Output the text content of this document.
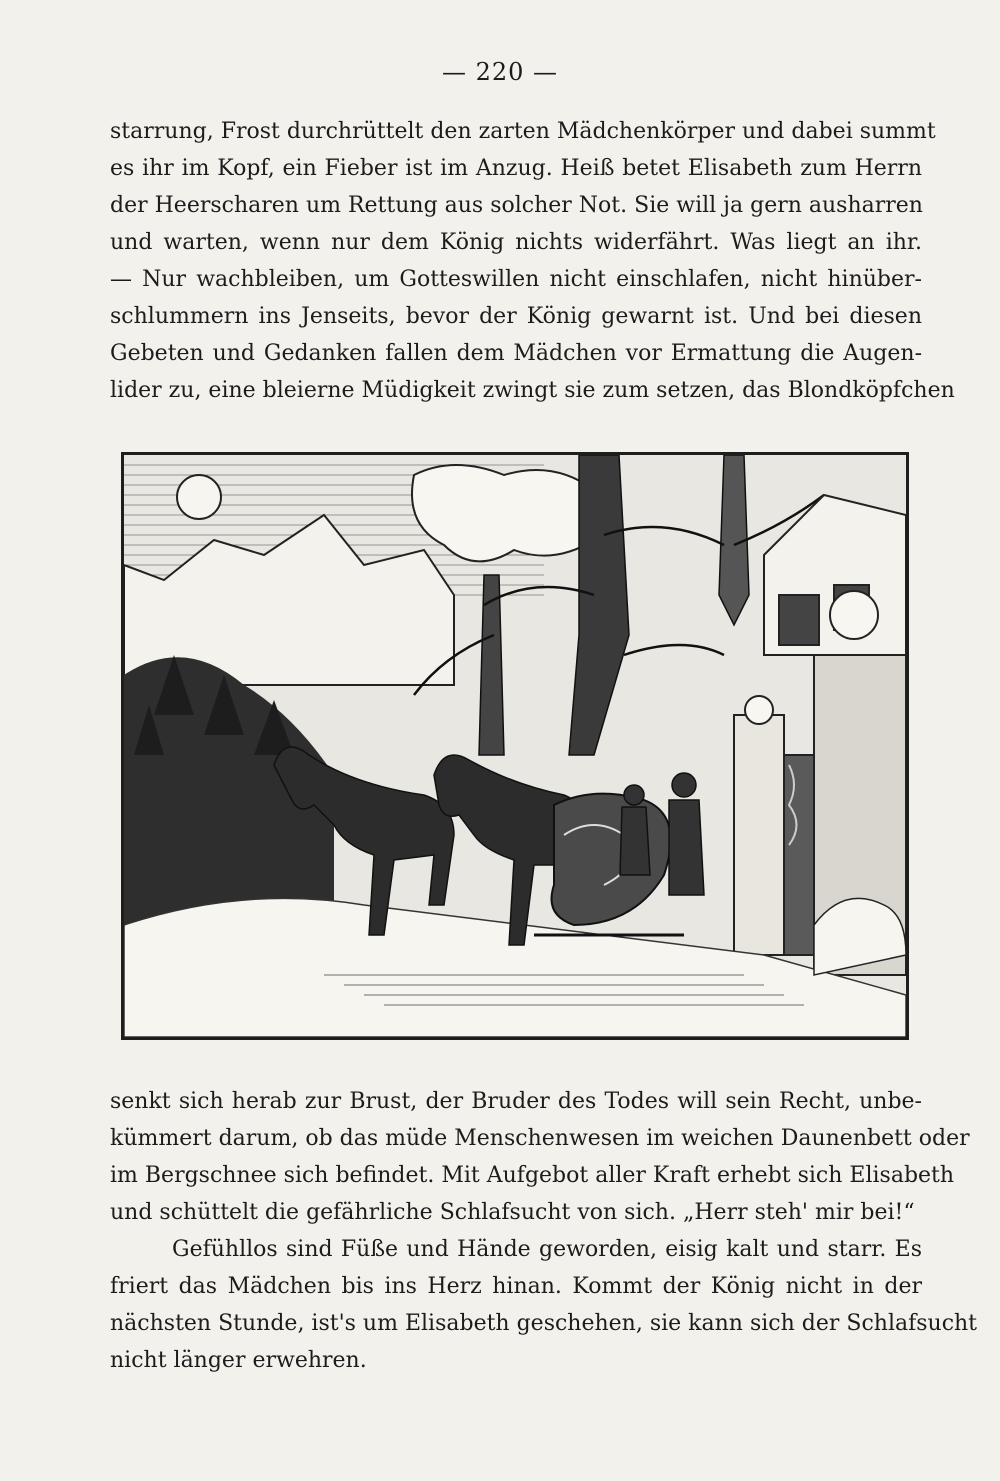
— 220 —
starrung, Frost durchrüttelt den zarten Mädchenkörper und dabei summt
es ihr im Kopf, ein Fieber ist im Anzug. Heiß betet Elisabeth zum Herrn
der Heerscharen um Rettung aus solcher Not. Sie will ja gern ausharren
und warten, wenn nur dem König nichts widerfährt. Was liegt an ihr.
— Nur wachbleiben, um Gotteswillen nicht einschlafen, nicht hinüber-
schlummern ins Jenseits, bevor der König gewarnt ist. Und bei diesen
Gebeten und Gedanken fallen dem Mädchen vor Ermattung die Augen-
lider zu, eine bleierne Müdigkeit zwingt sie zum setzen, das Blondköpfchen
senkt sich herab zur Brust, der Bruder des Todes will sein Recht, unbe-
kümmert darum, ob das müde Menschenwesen im weichen Daunenbett oder
im Bergschnee sich befindet. Mit Aufgebot aller Kraft erhebt sich Elisabeth
und schüttelt die gefährliche Schlafsucht von sich. „Herr steh' mir bei!“
Gefühllos sind Füße und Hände geworden, eisig kalt und starr. Es
friert das Mädchen bis ins Herz hinan. Kommt der König nicht in der
nächsten Stunde, ist's um Elisabeth geschehen, sie kann sich der Schlafsucht
nicht länger erwehren.
